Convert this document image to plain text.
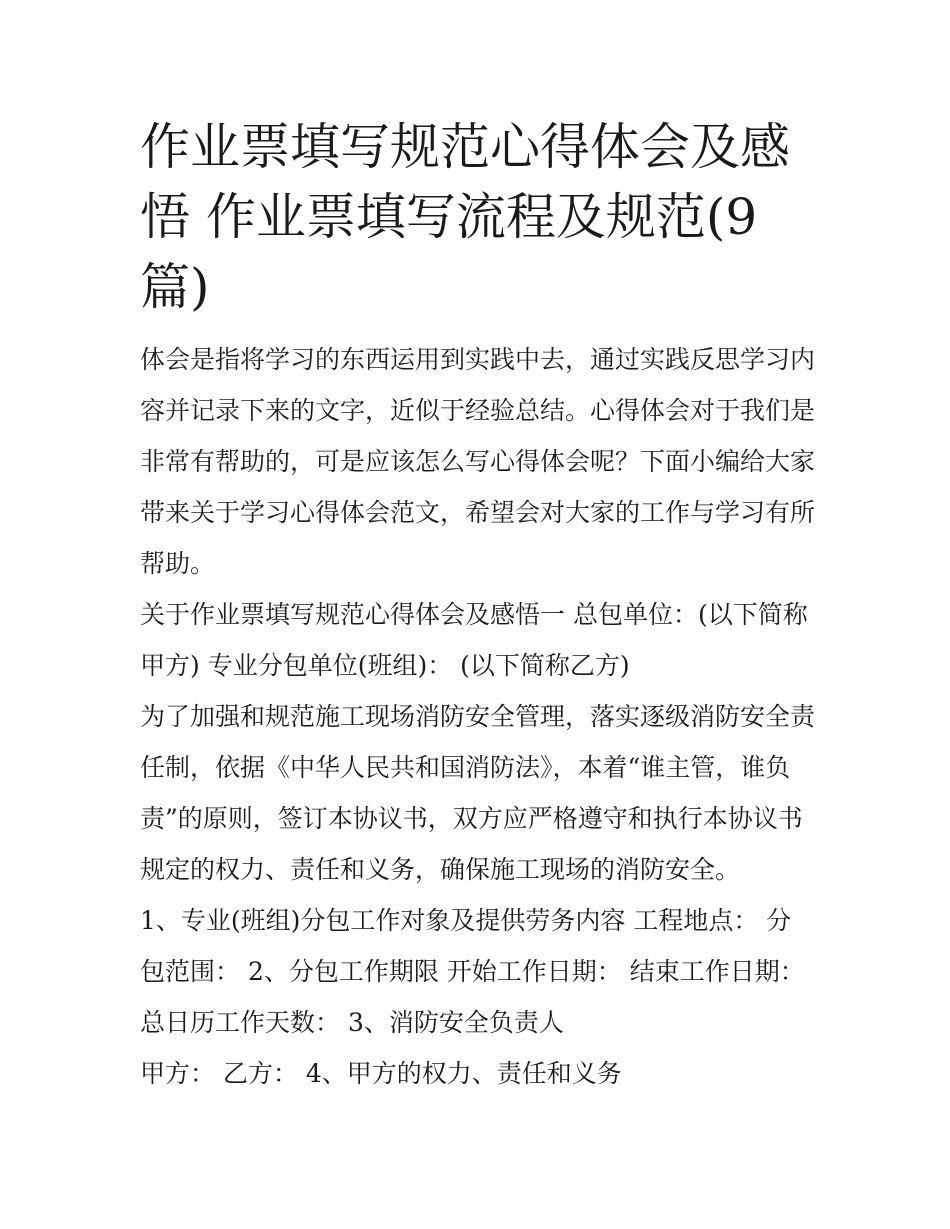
作业票填写规范心得体会及感悟 作业票填写流程及规范(9篇)

体会是指将学习的东西运用到实践中去，通过实践反思学习内容并记录下来的文字，近似于经验总结。心得体会对于我们是非常有帮助的，可是应该怎么写心得体会呢？下面小编给大家带来关于学习心得体会范文，希望会对大家的工作与学习有所帮助。

关于作业票填写规范心得体会及感悟一 总包单位：(以下简称甲方) 专业分包单位(班组)： (以下简称乙方)

为了加强和规范施工现场消防安全管理，落实逐级消防安全责任制，依据《中华人民共和国消防法》，本着“谁主管，谁负责”的原则，签订本协议书，双方应严格遵守和执行本协议书规定的权力、责任和义务，确保施工现场的消防安全。

1、专业(班组)分包工作对象及提供劳务内容 工程地点： 分包范围： 2、分包工作期限 开始工作日期： 结束工作日期： 总日历工作天数： 3、消防安全负责人

甲方： 乙方： 4、甲方的权力、责任和义务
